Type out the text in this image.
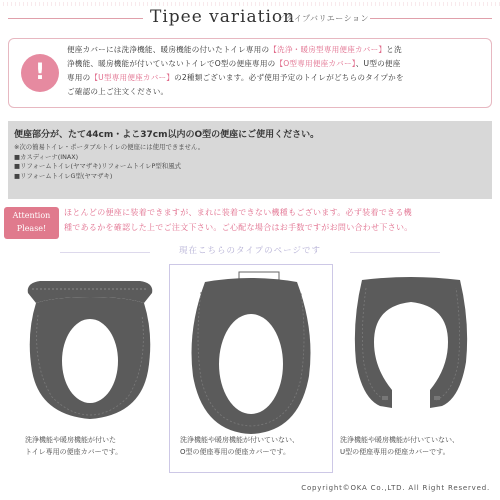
Tipee variation
／タイプバリエーション
!
便座カバーには洗浄機能、暖房機能の付いたトイレ専用の【洗浄・暖房型専用便座カバー】と洗
浄機能、暖房機能が付いていないトイレでO型の便座専用の【O型専用便座カバー】、U型の便座
専用の【U型専用便座カバー】の2種類ございます。必ず使用予定のトイレがどちらのタイプかを
ご確認の上ご注文ください。
便座部分が、たて44cm・よこ37cm以内のO型の便座にご使用ください。
※次の簡易トイレ・ポータブルトイレの便座には使用できません。
■カスディーナ(INAX)
■リフォームトイレ(ヤマザキ)リフォームトイレP型和風式
■リフォームトイレG型(ヤマザキ)
Attention
Please!
ほとんどの便座に装着できますが、まれに装着できない機種もございます。必ず装着できる機
種であるかを確認した上でご注文下さい。ご心配な場合はお手数ですがお問い合わせ下さい。
現在こちらのタイプのページです
洗浄機能や暖房機能が付いた
トイレ専用の便座カバーです。
洗浄機能や暖房機能が付いていない、
O型の便座専用の便座カバーです。
洗浄機能や暖房機能が付いていない、
U型の便座専用の便座カバーです。
Copyright©OKA Co.,LTD. All Right Reserved.
